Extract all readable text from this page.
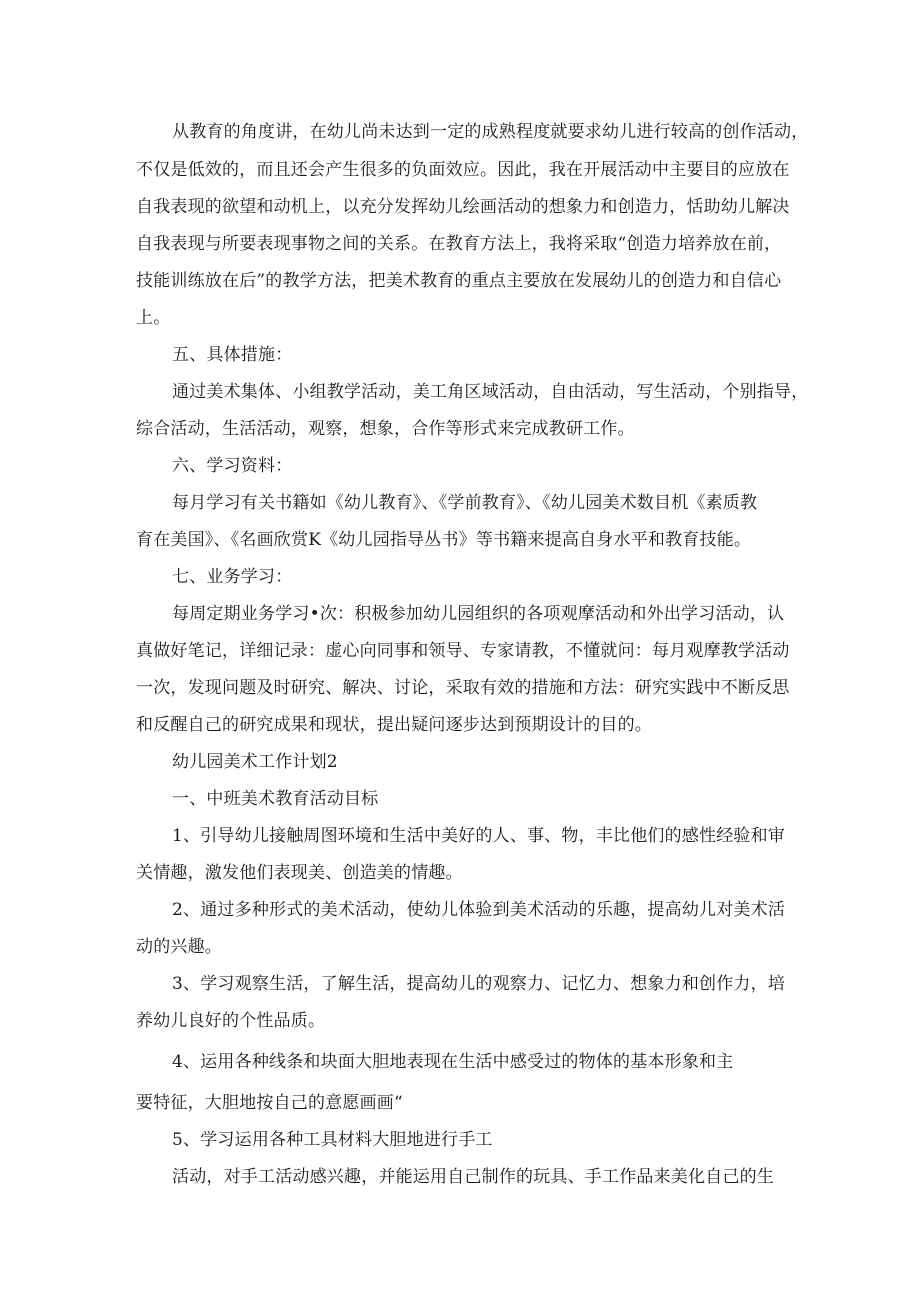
从教育的角度讲，在幼儿尚未达到一定的成熟程度就要求幼儿进行较高的创作活动，
不仅是低效的，而且还会产生很多的负面效应。因此，我在开展活动中主要目的应放在
自我表现的欲望和动机上，以充分发挥幼儿绘画活动的想象力和创造力，恬助幼儿解决
自我表现与所要表现事物之间的关系。在教育方法上，我将采取“创造力培养放在前，
技能训练放在后”的教学方法，把美术教育的重点主要放在发展幼儿的创造力和自信心
上。
五、具体措施：
通过美术集体、小组教学活动，美工角区域活动，自由活动，写生活动，个别指导，
综合活动，生活活动，观察，想象，合作等形式来完成教研工作。
六、学习资料：
每月学习有关书籍如《幼儿教育》、《学前教育》、《幼儿园美术数目机《素质教
育在美国》、《名画欣赏K《幼儿园指导丛书》等书籍来提高自身水平和教育技能。
七、业务学习：
每周定期业务学习•次：积极参加幼儿园组织的各项观摩活动和外出学习活动，认
真做好笔记，详细记录：虚心向同事和领导、专家请教，不懂就问：每月观摩教学活动
一次，发现问题及时研究、解决、讨论，采取有效的措施和方法：研究实践中不断反思
和反醒自己的研究成果和现状，提出疑问逐步达到预期设计的目的。
幼儿园美术工作计划2
一、中班美术教育活动目标
1、引导幼儿接触周图环境和生活中美好的人、事、物，丰比他们的感性经验和审
关情趣，激发他们表现美、创造美的情趣。
2、通过多种形式的美术活动，使幼儿体验到美术活动的乐趣，提高幼儿对美术活
动的兴趣。
3、学习观察生活，了解生活，提高幼儿的观察力、记忆力、想象力和创作力，培
养幼儿良好的个性品质。
4、运用各种线条和块面大胆地表现在生活中感受过的物体的基本形象和主
要特征，大胆地按自己的意愿画画“
5、学习运用各种工具材料大胆地进行手工
活动，对手工活动感兴趣，并能运用自己制作的玩具、手工作品来美化自己的生
